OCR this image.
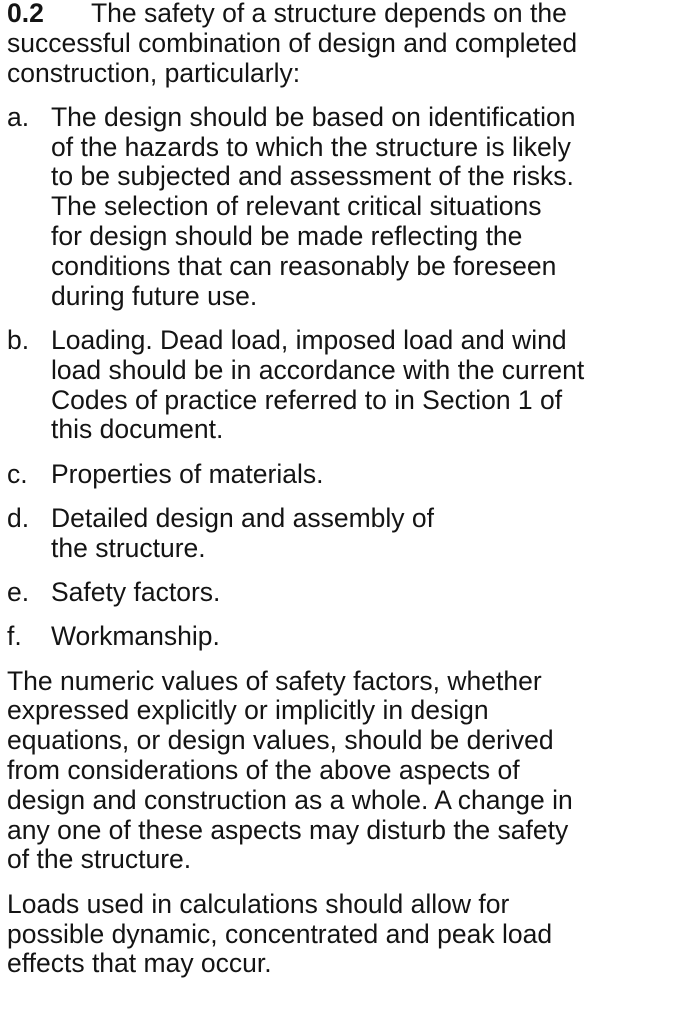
0.2 The safety of a structure depends on the
successful combination of design and completed
construction, particularly:
a. The design should be based on identification
of the hazards to which the structure is likely
to be subjected and assessment of the risks.
The selection of relevant critical situations
for design should be made reflecting the
conditions that can reasonably be foreseen
during future use.
b. Loading. Dead load, imposed load and wind
load should be in accordance with the current
Codes of practice referred to in Section 1 of
this document.
c. Properties of materials.
d. Detailed design and assembly of
the structure.
e. Safety factors.
f. Workmanship.
The numeric values of safety factors, whether
expressed explicitly or implicitly in design
equations, or design values, should be derived
from considerations of the above aspects of
design and construction as a whole. A change in
any one of these aspects may disturb the safety
of the structure.
Loads used in calculations should allow for
possible dynamic, concentrated and peak load
effects that may occur.
